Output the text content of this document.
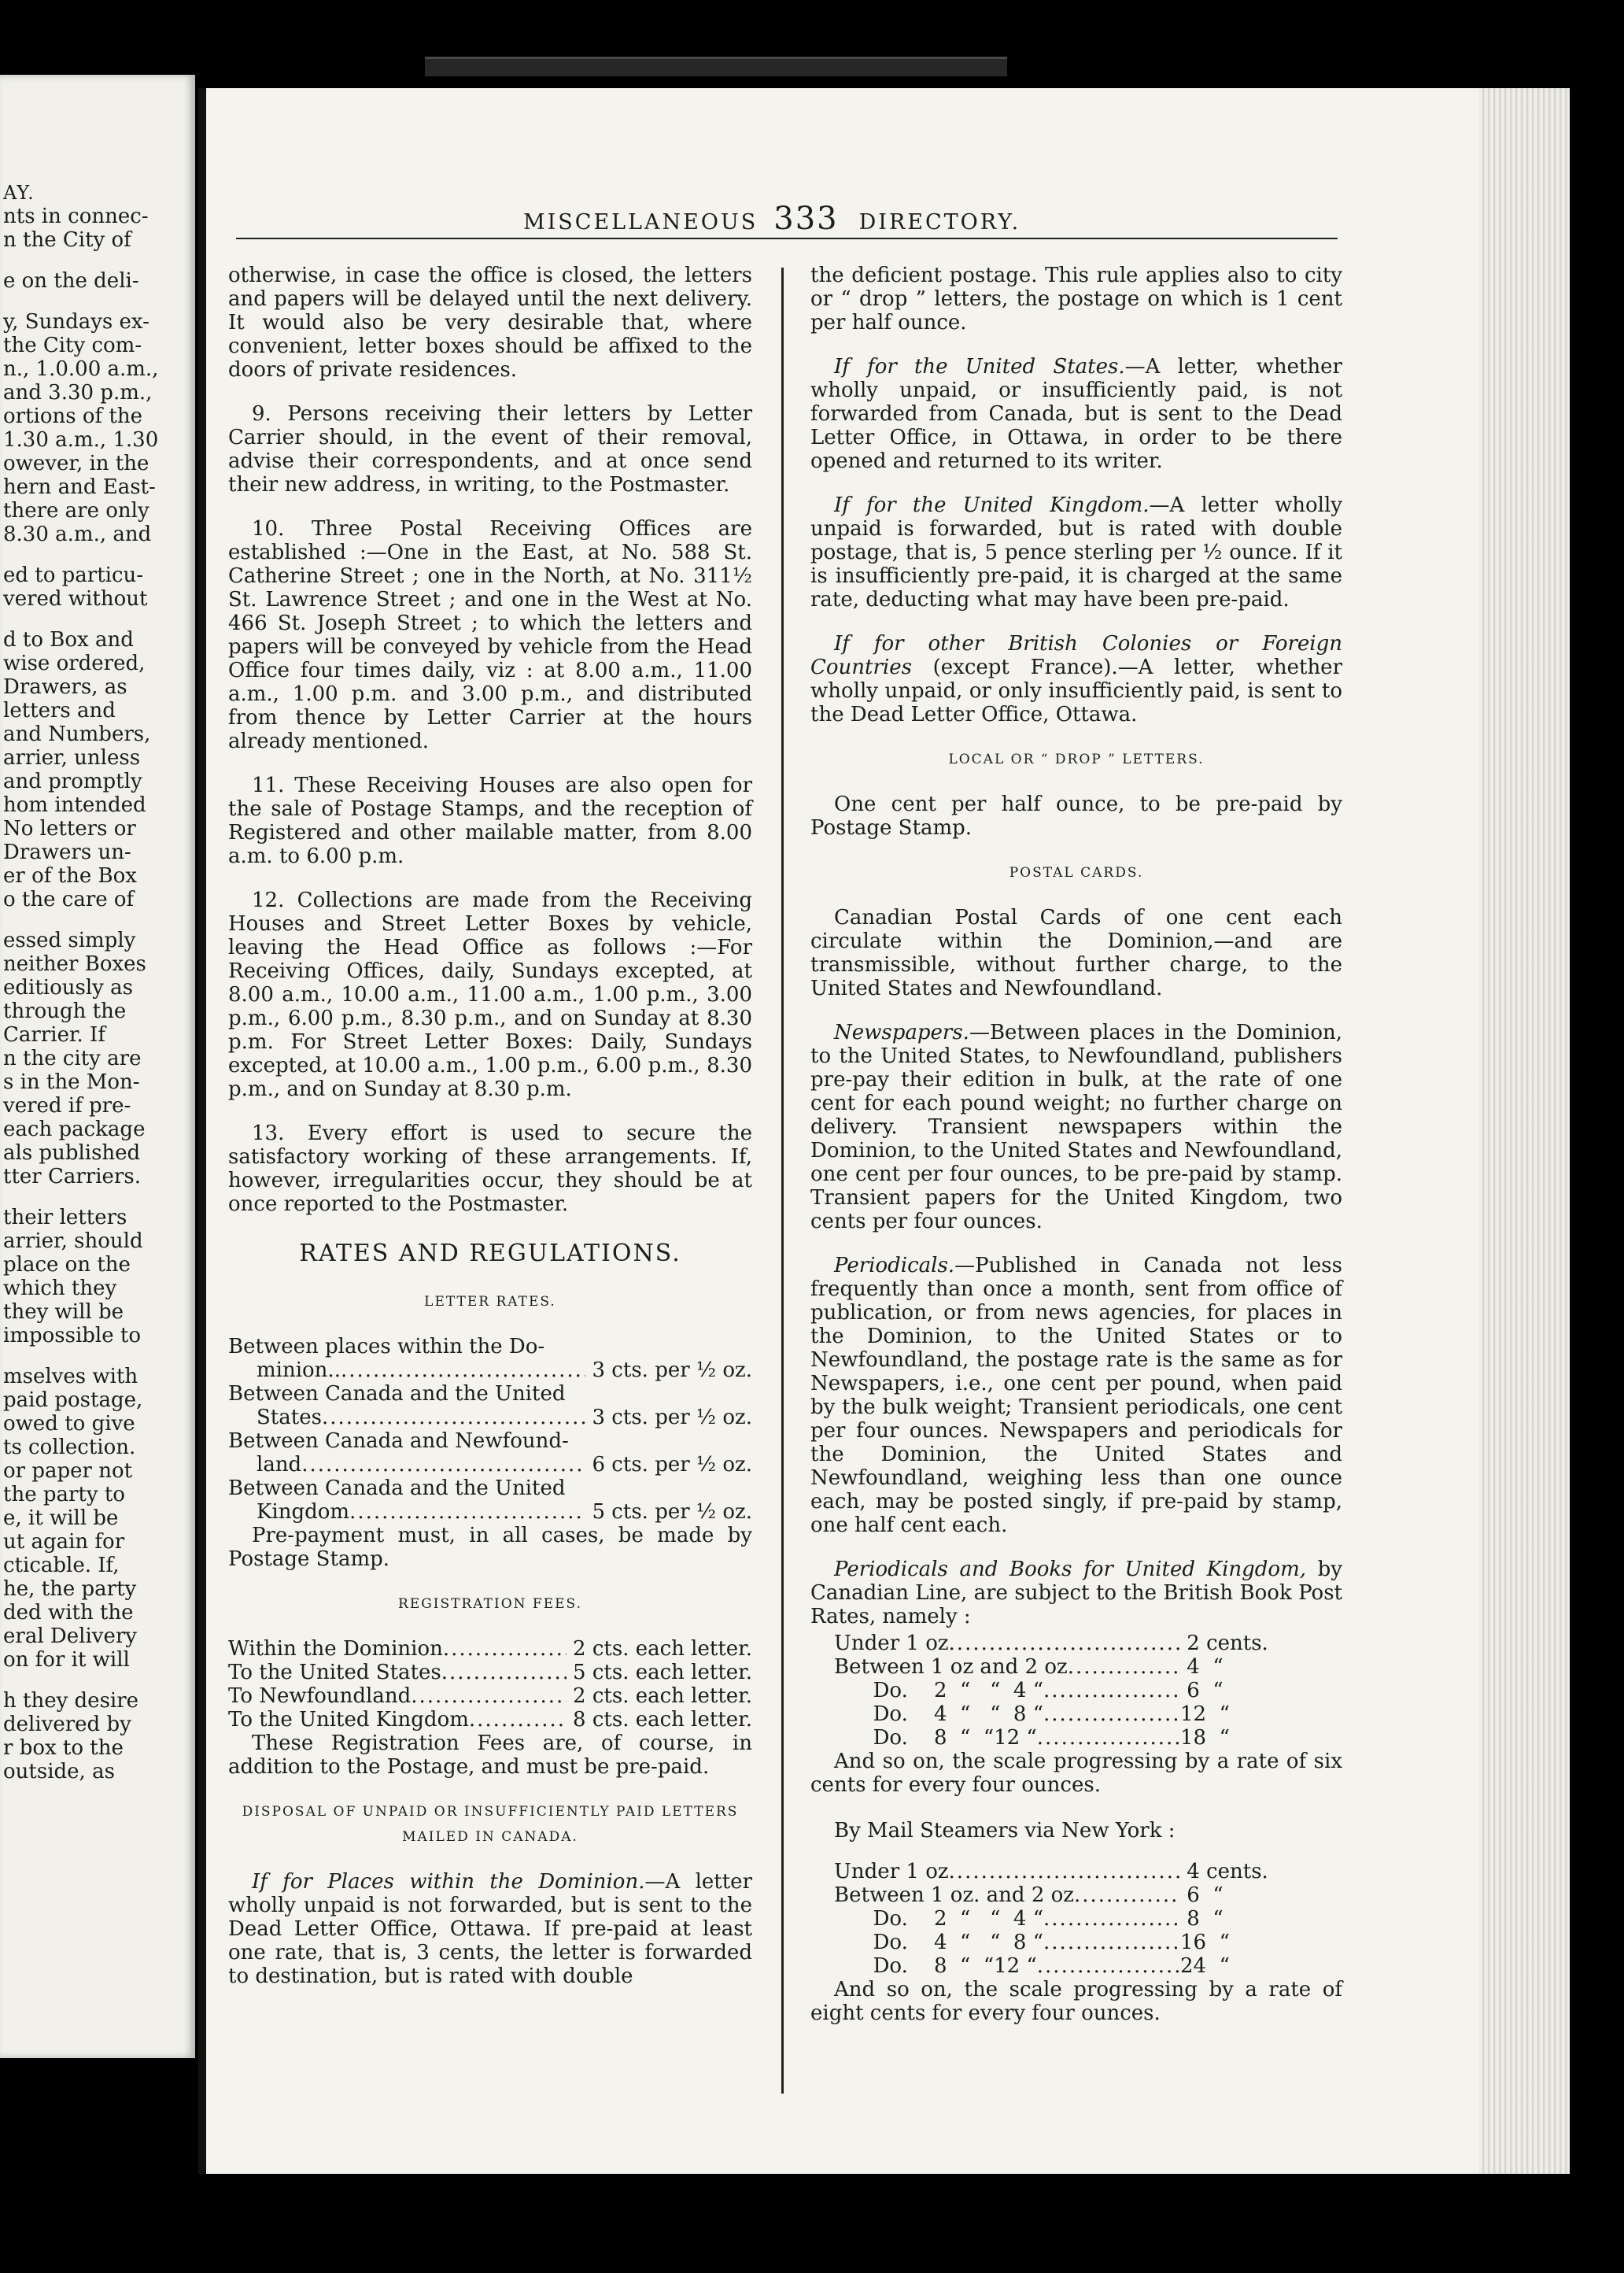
AY.
nts in connec-
n the City of
e on the deli-
y, Sundays ex-
the City com-
n., 1.0.00 a.m.,
and 3.30 p.m.,
ortions of the
1.30 a.m., 1.30
owever, in the
hern and East-
there are only
8.30 a.m., and
ed to particu-
vered without
d to Box and
wise ordered,
Drawers, as
letters and
and Numbers,
arrier, unless
and promptly
hom intended
No letters or
Drawers un-
er of the Box
o the care of
essed simply
neither Boxes
editiously as
through the
Carrier. If
n the city are
s in the Mon-
vered if pre-
each package
als published
tter Carriers.
their letters
arrier, should
place on the
which they
they will be
impossible to
mselves with
paid postage,
owed to give
ts collection.
or paper not
the party to
e, it will be
ut again for
cticable. If,
he, the party
ded with the
eral Delivery
on for it will
h they desire
delivered by
r box to the
outside, as
MISCELLANEOUS 333 DIRECTORY.

otherwise, in case the office is closed, the letters and papers will be delayed until the next delivery. It would also be very desirable that, where convenient, letter boxes should be affixed to the doors of private residences.

9. Persons receiving their letters by Letter Carrier should, in the event of their removal, advise their correspondents, and at once send their new address, in writing, to the Postmaster.

10. Three Postal Receiving Offices are established :—One in the East, at No. 588 St. Catherine Street ; one in the North, at No. 311½ St. Lawrence Street ; and one in the West at No. 466 St. Joseph Street ; to which the letters and papers will be conveyed by vehicle from the Head Office four times daily, viz : at 8.00 a.m., 11.00 a.m., 1.00 p.m. and 3.00 p.m., and distributed from thence by Letter Carrier at the hours already mentioned.

11. These Receiving Houses are also open for the sale of Postage Stamps, and the reception of Registered and other mailable matter, from 8.00 a.m. to 6.00 p.m.

12. Collections are made from the Receiving Houses and Street Letter Boxes by vehicle, leaving the Head Office as follows :—For Receiving Offices, daily, Sundays excepted, at 8.00 a.m., 10.00 a.m., 11.00 a.m., 1.00 p.m., 3.00 p.m., 6.00 p.m., 8.30 p.m., and on Sunday at 8.30 p.m. For Street Letter Boxes: Daily, Sundays excepted, at 10.00 a.m., 1.00 p.m., 6.00 p.m., 8.30 p.m., and on Sunday at 8.30 p.m.

13. Every effort is used to secure the satisfactory working of these arrangements. If, however, irregularities occur, they should be at once reported to the Postmaster.

RATES AND REGULATIONS.
LETTER RATES.
Between places within the Do-
minion.. .....	3 cts. per ½ oz.
Between Canada and the United
States .....	3 cts. per ½ oz.
Between Canada and Newfound-
land .....	6 cts. per ½ oz.
Between Canada and the United
Kingdom .....	5 cts. per ½ oz.

Pre-payment must, in all cases, be made by Postage Stamp.

REGISTRATION FEES.
Within the Dominion .....	2 cts. each letter.
To the United States .....	5 cts. each letter.
To Newfoundland .....	2 cts. each letter.
To the United Kingdom .....	8 cts. each letter.

These Registration Fees are, of course, in addition to the Postage, and must be pre-paid.

DISPOSAL OF UNPAID OR INSUFFICIENTLY PAID LETTERS MAILED IN CANADA.

If for Places within the Dominion.—A letter wholly unpaid is not forwarded, but is sent to the Dead Letter Office, Ottawa. If pre-paid at least one rate, that is, 3 cents, the letter is forwarded to destination, but is rated with double

the deficient postage. This rule applies also to city or “ drop ” letters, the postage on which is 1 cent per half ounce.

If for the United States.—A letter, whether wholly unpaid, or insufficiently paid, is not forwarded from Canada, but is sent to the Dead Letter Office, in Ottawa, in order to be there opened and returned to its writer.

If for the United Kingdom.—A letter wholly unpaid is forwarded, but is rated with double postage, that is, 5 pence sterling per ½ ounce. If it is insufficiently pre-paid, it is charged at the same rate, deducting what may have been pre-paid.

If for other British Colonies or Foreign Countries (except France).—A letter, whether wholly unpaid, or only insufficiently paid, is sent to the Dead Letter Office, Ottawa.

LOCAL OR “ DROP ” LETTERS.

One cent per half ounce, to be pre-paid by Postage Stamp.

POSTAL CARDS.

Canadian Postal Cards of one cent each circulate within the Dominion,—and are transmissible, without further charge, to the United States and Newfoundland.

Newspapers.—Between places in the Dominion, to the United States, to Newfoundland, publishers pre-pay their edition in bulk, at the rate of one cent for each pound weight; no further charge on delivery. Transient newspapers within the Dominion, to the United States and Newfoundland, one cent per four ounces, to be pre-paid by stamp. Transient papers for the United Kingdom, two cents per four ounces.

Periodicals.—Published in Canada not less frequently than once a month, sent from office of publication, or from news agencies, for places in the Dominion, to the United States or to Newfoundland, the postage rate is the same as for Newspapers, i.e., one cent per pound, when paid by the bulk weight; Transient periodicals, one cent per four ounces. Newspapers and periodicals for the Dominion, the United States and Newfoundland, weighing less than one ounce each, may be posted singly, if pre-paid by stamp, one half cent each.

Periodicals and Books for United Kingdom, by Canadian Line, are subject to the British Book Post Rates, namely :

Under 1 oz .....	2 cents.
Between 1 oz and 2 oz .....	4  “
Do.    2  “   “  4 “ .....	6  “
Do.    4  “   “  8 “ .....	12  “
Do.    8  “  “12 “ .....	18  “

And so on, the scale progressing by a rate of six cents for every four ounces.

By Mail Steamers via New York :
Under 1 oz .....	4 cents.
Between 1 oz. and 2 oz .....	6  “
Do.    2  “   “  4 “ .....	8  “
Do.    4  “   “  8 “ .....	16  “
Do.    8  “  “12 “ .....	24  “

And so on, the scale progressing by a rate of eight cents for every four ounces.
